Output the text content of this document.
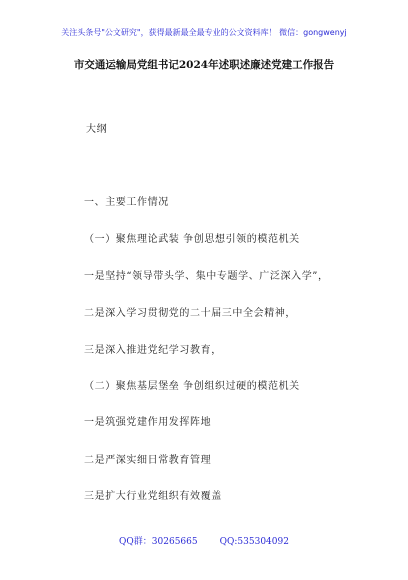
关注头条号"公文研究"，获得最新最全最专业的公文资料库！ 微信：gongwenyj
市交通运输局党组书记2024年述职述廉述党建工作报告
大纲
一、主要工作情况
（一）聚焦理论武装 争创思想引领的模范机关
一是坚持“领导带头学、集中专题学、广泛深入学”，
二是深入学习贯彻党的二十届三中全会精神，
三是深入推进党纪学习教育，
（二）聚焦基层堡垒 争创组织过硬的模范机关
一是筑强党建作用发挥阵地
二是严深实细日常教育管理
三是扩大行业党组织有效覆盖
QQ群：30265665 QQ:535304092
